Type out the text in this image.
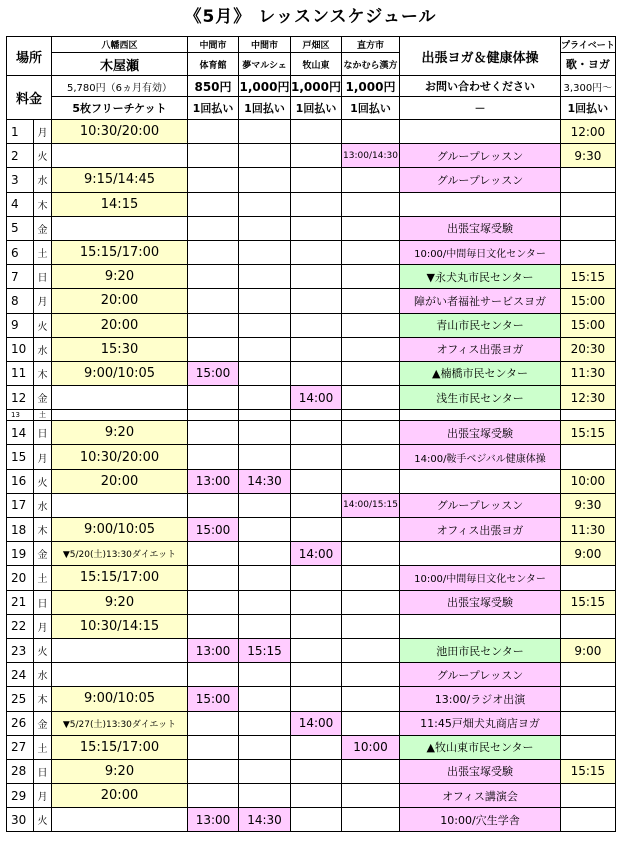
《5月》 レッスンスケジュール
場所		八幡西区	中間市	中間市	戸畑区	直方市	出張ヨガ＆健康体操	プライベート
		木屋瀬	体育館	夢マルシェ	牧山東	なかむら漢方		歌・ヨガ
料金		5,780円（6ヵ月有効）	850円	1,000円	1,000円	1,000円	お問い合わせください	3,300円～
		5枚フリーチケット	1回払い	1回払い	1回払い	1回払い	－	1回払い
1	月	10:30/20:00						12:00
2	火					13:00/14:30	グループレッスン	9:30
3	水	9:15/14:45					グループレッスン	
4	木	14:15						
5	金						出張宝塚受験	
6	土	15:15/17:00					10:00/中間毎日文化センター	
7	日	9:20					▼永犬丸市民センター	15:15
8	月	20:00					障がい者福祉サービスヨガ	15:00
9	火	20:00					青山市民センター	15:00
10	水	15:30					オフィス出張ヨガ	20:30
11	木	9:00/10:05	15:00				▲楠橋市民センター	11:30
12	金				14:00		浅生市民センター	12:30
13	土							
14	日	9:20					出張宝塚受験	15:15
15	月	10:30/20:00					14:00/鞍手ベジバル健康体操	
16	火	20:00	13:00	14:30				10:00
17	水					14:00/15:15	グループレッスン	9:30
18	木	9:00/10:05	15:00				オフィス出張ヨガ	11:30
19	金	▼5/20(土)13:30ダイエット			14:00			9:00
20	土	15:15/17:00					10:00/中間毎日文化センター	
21	日	9:20					出張宝塚受験	15:15
22	月	10:30/14:15						
23	火		13:00	15:15			池田市民センター	9:00
24	水						グループレッスン	
25	木	9:00/10:05	15:00				13:00/ラジオ出演	
26	金	▼5/27(土)13:30ダイエット			14:00		11:45戸畑犬丸商店ヨガ	
27	土	15:15/17:00				10:00	▲牧山東市民センター	
28	日	9:20					出張宝塚受験	15:15
29	月	20:00					オフィス講演会	
30	火		13:00	14:30			10:00/穴生学舎	
